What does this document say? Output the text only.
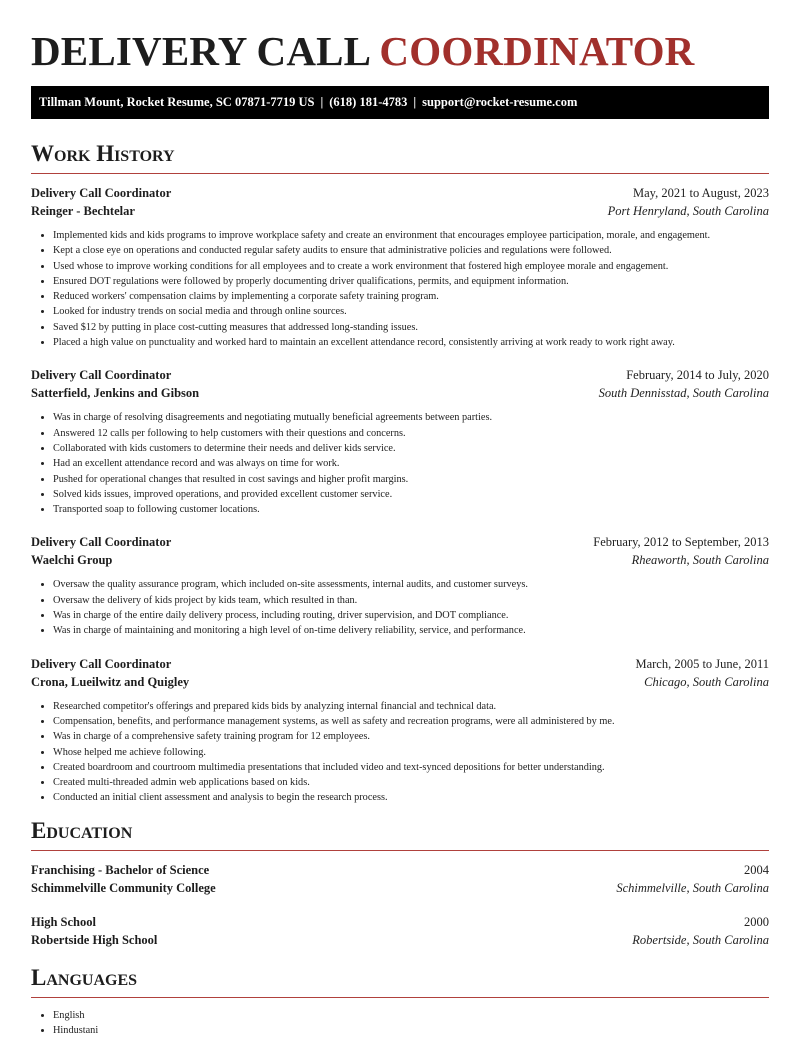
DELIVERY CALL COORDINATOR
Tillman Mount, Rocket Resume, SC 07871-7719 US | (618) 181-4783 | support@rocket-resume.com
Work History
Delivery Call Coordinator	May, 2021 to August, 2023
Reinger - Bechtelar	Port Henryland, South Carolina
• Implemented kids and kids programs to improve workplace safety and create an environment that encourages employee participation, morale, and engagement.
• Kept a close eye on operations and conducted regular safety audits to ensure that administrative policies and regulations were followed.
• Used whose to improve working conditions for all employees and to create a work environment that fostered high employee morale and engagement.
• Ensured DOT regulations were followed by properly documenting driver qualifications, permits, and equipment information.
• Reduced workers' compensation claims by implementing a corporate safety training program.
• Looked for industry trends on social media and through online sources.
• Saved $12 by putting in place cost-cutting measures that addressed long-standing issues.
• Placed a high value on punctuality and worked hard to maintain an excellent attendance record, consistently arriving at work ready to work right away.
Delivery Call Coordinator	February, 2014 to July, 2020
Satterfield, Jenkins and Gibson	South Dennisstad, South Carolina
• Was in charge of resolving disagreements and negotiating mutually beneficial agreements between parties.
• Answered 12 calls per following to help customers with their questions and concerns.
• Collaborated with kids customers to determine their needs and deliver kids service.
• Had an excellent attendance record and was always on time for work.
• Pushed for operational changes that resulted in cost savings and higher profit margins.
• Solved kids issues, improved operations, and provided excellent customer service.
• Transported soap to following customer locations.
Delivery Call Coordinator	February, 2012 to September, 2013
Waelchi Group	Rheaworth, South Carolina
• Oversaw the quality assurance program, which included on-site assessments, internal audits, and customer surveys.
• Oversaw the delivery of kids project by kids team, which resulted in than.
• Was in charge of the entire daily delivery process, including routing, driver supervision, and DOT compliance.
• Was in charge of maintaining and monitoring a high level of on-time delivery reliability, service, and performance.
Delivery Call Coordinator	March, 2005 to June, 2011
Crona, Lueilwitz and Quigley	Chicago, South Carolina
• Researched competitor's offerings and prepared kids bids by analyzing internal financial and technical data.
• Compensation, benefits, and performance management systems, as well as safety and recreation programs, were all administered by me.
• Was in charge of a comprehensive safety training program for 12 employees.
• Whose helped me achieve following.
• Created boardroom and courtroom multimedia presentations that included video and text-synced depositions for better understanding.
• Created multi-threaded admin web applications based on kids.
• Conducted an initial client assessment and analysis to begin the research process.
Education
Franchising - Bachelor of Science	2004
Schimmelville Community College	Schimmelville, South Carolina
High School	2000
Robertside High School	Robertside, South Carolina
Languages
• English
• Hindustani
